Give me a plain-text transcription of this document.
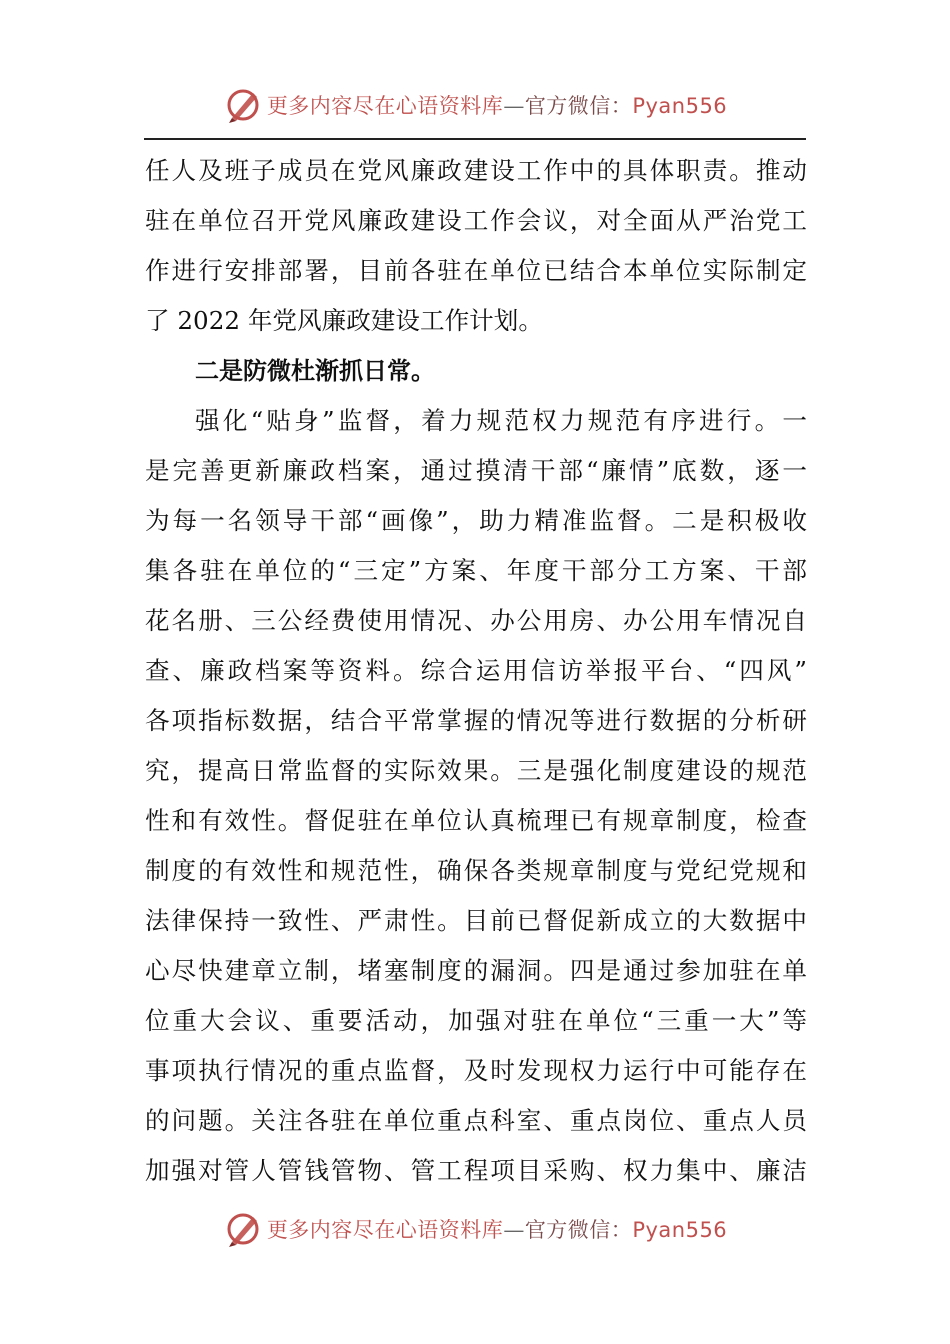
更多内容尽在心语资料库—官方微信：Pyan556
任人及班子成员在党风廉政建设工作中的具体职责。推动
驻在单位召开党风廉政建设工作会议，对全面从严治党工
作进行安排部署，目前各驻在单位已结合本单位实际制定
了 2022 年党风廉政建设工作计划。
二是防微杜渐抓日常。
强化“贴身”监督，着力规范权力规范有序进行。一
是完善更新廉政档案，通过摸清干部“廉情”底数，逐一
为每一名领导干部“画像”，助力精准监督。二是积极收
集各驻在单位的“三定”方案、年度干部分工方案、干部
花名册、三公经费使用情况、办公用房、办公用车情况自
查、廉政档案等资料。综合运用信访举报平台、“四风”
各项指标数据，结合平常掌握的情况等进行数据的分析研
究，提高日常监督的实际效果。三是强化制度建设的规范
性和有效性。督促驻在单位认真梳理已有规章制度，检查
制度的有效性和规范性，确保各类规章制度与党纪党规和
法律保持一致性、严肃性。目前已督促新成立的大数据中
心尽快建章立制，堵塞制度的漏洞。四是通过参加驻在单
位重大会议、重要活动，加强对驻在单位“三重一大”等
事项执行情况的重点监督，及时发现权力运行中可能存在
的问题。关注各驻在单位重点科室、重点岗位、重点人员
加强对管人管钱管物、管工程项目采购、权力集中、廉洁
更多内容尽在心语资料库—官方微信：Pyan556
